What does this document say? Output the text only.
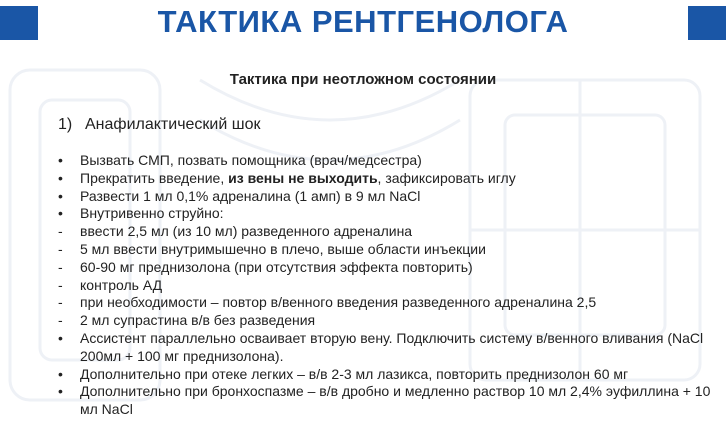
ТАКТИКА РЕНТГЕНОЛОГА
Тактика при неотложном состоянии
1) Анафилактический шок
•	Вызвать СМП, позвать помощника (врач/медсестра)
•	Прекратить введение, из вены не выходить, зафиксировать иглу
•	Развести 1 мл 0,1% адреналина (1 амп) в 9 мл NaCl
•	Внутривенно струйно:
-	ввести 2,5 мл (из 10 мл) разведенного адреналина
-	5 мл ввести внутримышечно в плечо, выше области инъекции
-	60-90 мг преднизолона (при отсутствия эффекта повторить)
-	контроль АД
-	при необходимости – повтор в/венного введения разведенного адреналина 2,5
-	2 мл супрастина в/в без разведения
•	Ассистент параллельно осваивает вторую вену. Подключить систему в/венного вливания (NaCl 200мл + 100 мг преднизолона).
•	Дополнительно при отеке легких – в/в 2-3 мл лазикса, повторить преднизолон 60 мг
•	Дополнительно при бронхоспазме – в/в дробно и медленно раствор 10 мл 2,4% эуфиллина + 10 мл NaCl
